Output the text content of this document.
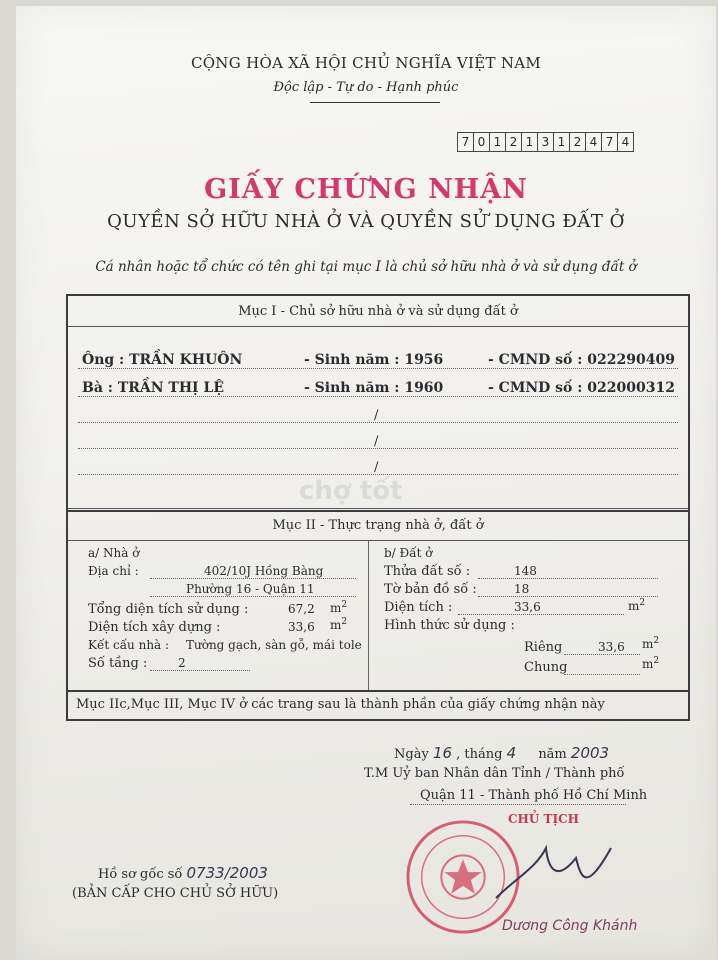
CỘNG HÒA XÃ HỘI CHỦ NGHĨA VIỆT NAM
Độc lập - Tự do - Hạnh phúc
7 0 1 2 1 3 1 2 4 7 4
GIẤY CHỨNG NHẬN
QUYỀN SỞ HỮU NHÀ Ở VÀ QUYỀN SỬ DỤNG ĐẤT Ở
Cá nhân hoặc tổ chức có tên ghi tại mục I là chủ sở hữu nhà ở và sử dụng đất ở
Mục I - Chủ sở hữu nhà ở và sử dụng đất ở
Ông : TRẦN KHUÔN	- Sinh năm : 1956	- CMND số : 022290409
Bà : TRẦN THỊ LỆ	- Sinh năm : 1960	- CMND số : 022000312
/
/
/
chợ tốt
Mục II - Thực trạng nhà ở, đất ở
a/ Nhà ở
Địa chỉ :	402/10J Hồng Bàng
Phường 16 - Quận 11
Tổng diện tích sử dụng :	67,2 $m^2$
Diện tích xây dựng :	33,6 $m^2$
Kết cấu nhà : Tường gạch, sàn gỗ, mái tole
Số tầng :	2
b/ Đất ở
Thửa đất số :	148
Tờ bản đồ số :	18
Diện tích :	33,6	$m^2$
Hình thức sử dụng :
Riêng	33,6 $m^2$
Chung	$m^2$
Mục IIc,Mục III, Mục IV ở các trang sau là thành phần của giấy chứng nhận này
Ngày 16 , tháng 4 năm 2003
T.M Uỷ ban Nhân dân Tỉnh / Thành phố
Quận 11 - Thành phố Hồ Chí Minh
CHỦ TỊCH
Dương Công Khánh
Hồ sơ gốc số 0733/2003
(BẢN CẤP CHO CHỦ SỞ HỮU)
